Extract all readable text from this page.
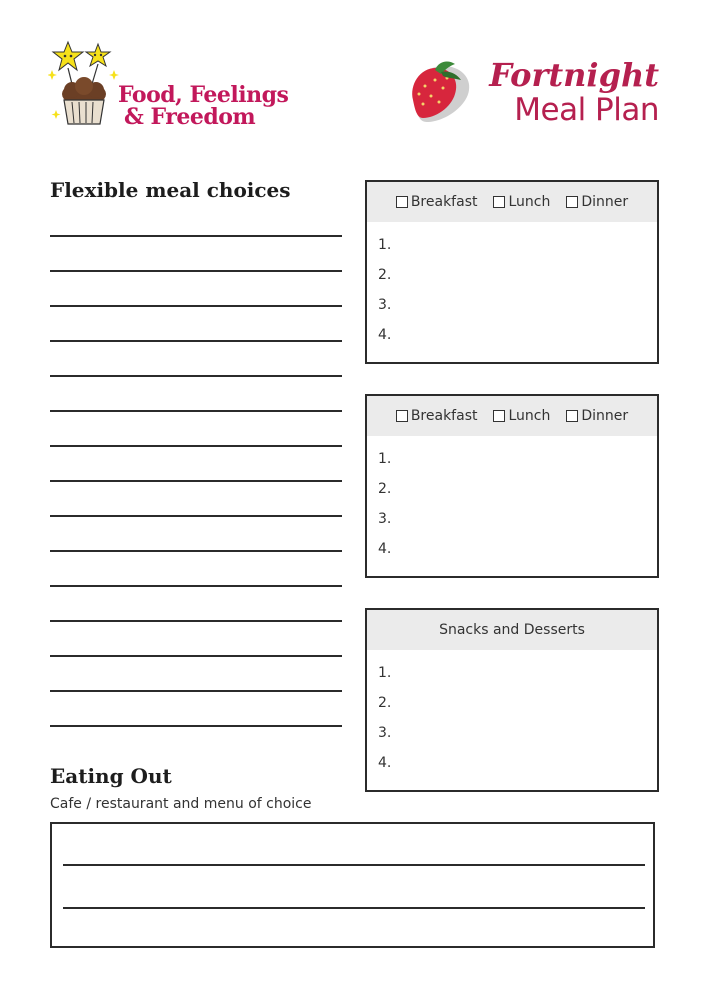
Food, Feelings
& Freedom
Fortnight
Meal Plan
Flexible meal choices	Breakfast Lunch Dinner
1.
2.
3.
4.
Breakfast Lunch Dinner
1.
2.
3.
4.
Snacks and Desserts
1.
2.
3.
4.
Eating Out
Cafe / restaurant and menu of choice
